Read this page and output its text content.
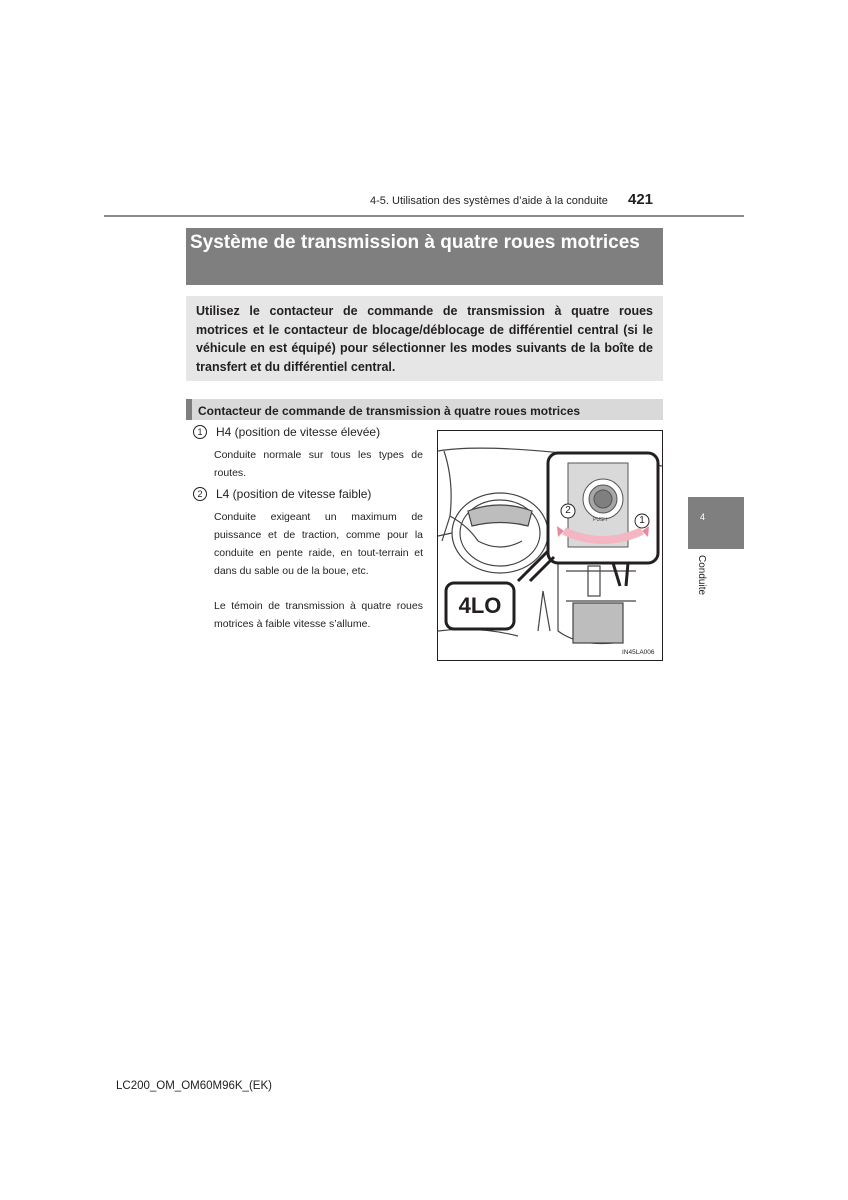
4-5. Utilisation des systèmes d’aide à la conduite 421
Système de transmission à quatre roues motrices
Utilisez le contacteur de commande de transmission à quatre roues motrices et le contacteur de blocage/déblocage de différentiel central (si le véhicule en est équipé) pour sélectionner les modes suivants de la boîte de transfert et du différentiel central.
Contacteur de commande de transmission à quatre roues motrices
1	H4 (position de vitesse élevée)
Conduite normale sur tous les types de routes.
2	L4 (position de vitesse faible)
Conduite exigeant un maximum de puissance et de traction, comme pour la conduite en pente raide, en tout-terrain et dans du sable ou de la boue, etc.
Le témoin de transmission à quatre roues motrices à faible vitesse s’allume.
4LO
2
1
PUSH
IN45LA006
4
Conduite
LC200_OM_OM60M96K_(EK)
